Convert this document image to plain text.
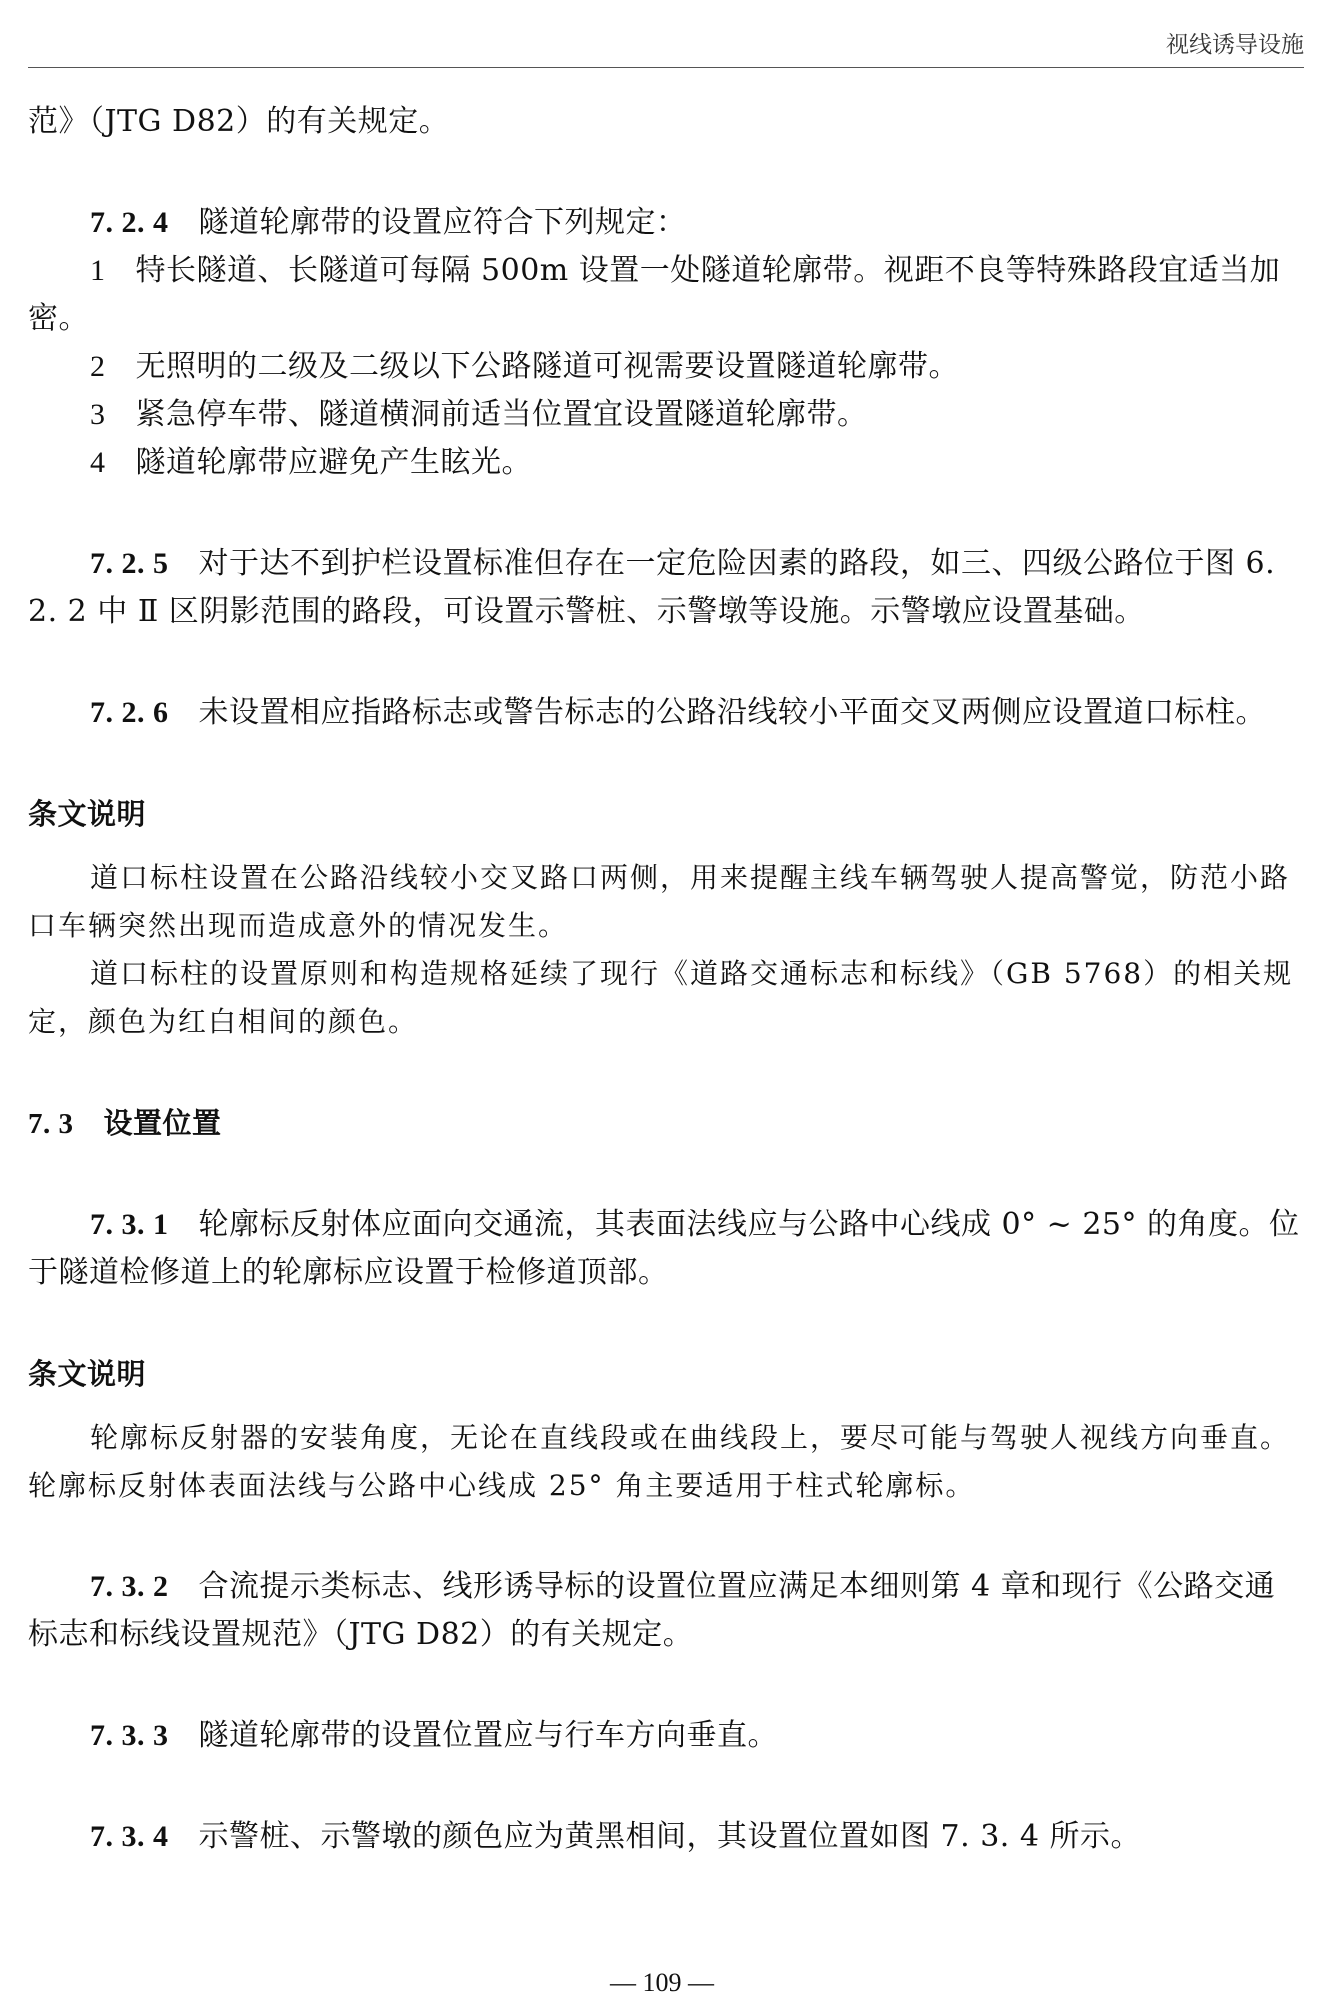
视线诱导设施

范》（JTG D82）的有关规定。

7. 2. 4 隧道轮廓带的设置应符合下列规定：

1 特长隧道、长隧道可每隔 500m 设置一处隧道轮廓带。视距不良等特殊路段宜适当加密。

2 无照明的二级及二级以下公路隧道可视需要设置隧道轮廓带。

3 紧急停车带、隧道横洞前适当位置宜设置隧道轮廓带。

4 隧道轮廓带应避免产生眩光。

7. 2. 5 对于达不到护栏设置标准但存在一定危险因素的路段，如三、四级公路位于图 6. 2. 2 中 Ⅱ 区阴影范围的路段，可设置示警桩、示警墩等设施。示警墩应设置基础。

7. 2. 6 未设置相应指路标志或警告标志的公路沿线较小平面交叉两侧应设置道口标柱。

条文说明

道口标柱设置在公路沿线较小交叉路口两侧，用来提醒主线车辆驾驶人提高警觉，防范小路口车辆突然出现而造成意外的情况发生。

道口标柱的设置原则和构造规格延续了现行《道路交通标志和标线》（GB 5768）的相关规定，颜色为红白相间的颜色。

7. 3 设置位置

7. 3. 1 轮廓标反射体应面向交通流，其表面法线应与公路中心线成 0° ~ 25° 的角度。位于隧道检修道上的轮廓标应设置于检修道顶部。

条文说明

轮廓标反射器的安装角度，无论在直线段或在曲线段上，要尽可能与驾驶人视线方向垂直。轮廓标反射体表面法线与公路中心线成 25° 角主要适用于柱式轮廓标。

7. 3. 2 合流提示类标志、线形诱导标的设置位置应满足本细则第 4 章和现行《公路交通标志和标线设置规范》（JTG D82）的有关规定。

7. 3. 3 隧道轮廓带的设置位置应与行车方向垂直。

7. 3. 4 示警桩、示警墩的颜色应为黄黑相间，其设置位置如图 7. 3. 4 所示。

— 109 —
